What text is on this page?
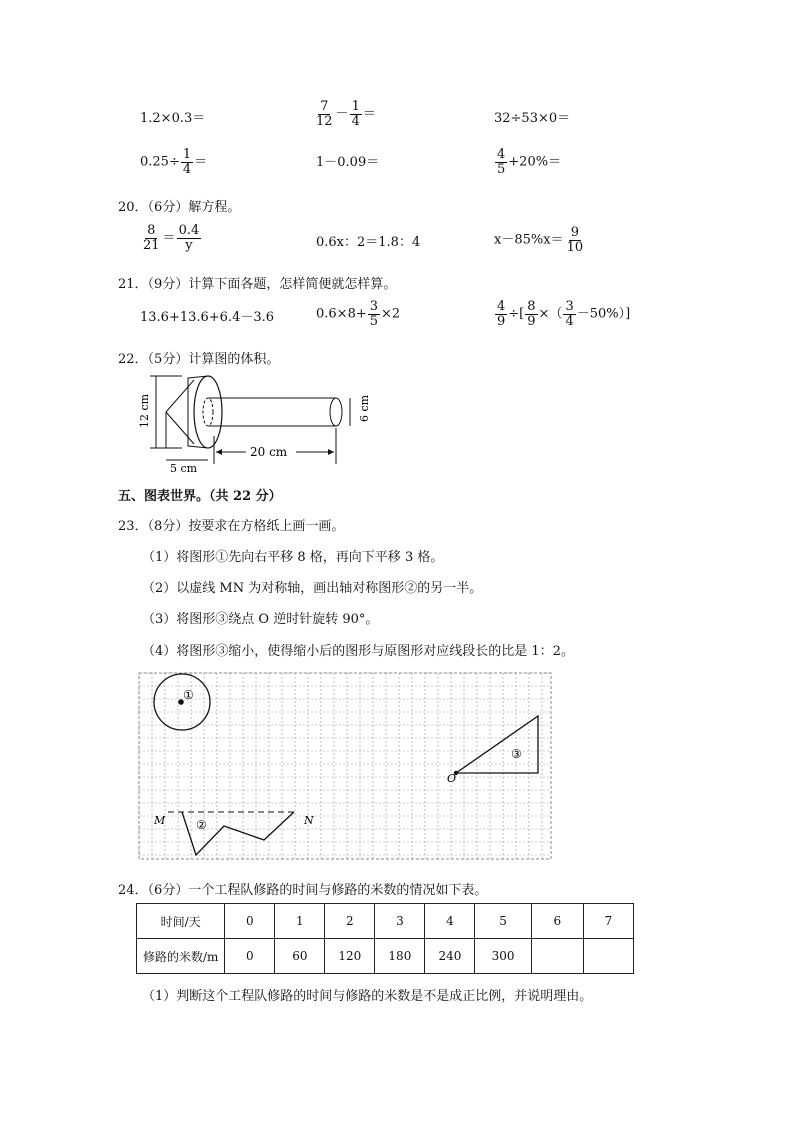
1.2×0.3＝	$\frac{7}{12} - \frac{1}{4}$ ＝	32÷53×0＝
$0.25\div \frac{1}{4}$ ＝	1－0.09＝	$\frac{4}{5} +20\%=$
20．（6分）解方程。
$\frac{8}{21} = \frac{0.4}{y}$	0.6x：2＝1.8：4	$x-85\%x= \frac{9}{10}$
21．（9分）计算下面各题，怎样简便就怎样算。
13.6+13.6+6.4－3.6	$0.6\times 8+ \frac{3}{5} \times 2$	$\frac{4}{9}$ ÷[ $\frac{8}{9}$ ×（ $\frac{3}{4} -50\%$）]
22．（5分）计算图的体积。
12 cm	6 cm
20 cm
5 cm
五、图表世界。（共 22 分）
23．（8分）按要求在方格纸上画一画。
（1）将图形①先向右平移 8 格，再向下平移 3 格。
（2）以虚线 MN 为对称轴，画出轴对称图形②的另一半。
（3）将图形③绕点 O 逆时针旋转 90°。
（4）将图形③缩小，使得缩小后的图形与原图形对应线段长的比是 1：2。
①
O
③
M	N
②
24．（6分）一个工程队修路的时间与修路的米数的情况如下表。
时间/天	0	1	2	3	4	5	6	7
修路的米数/m	0	60	120	180	240	300		
（1）判断这个工程队修路的时间与修路的米数是不是成正比例，并说明理由。
